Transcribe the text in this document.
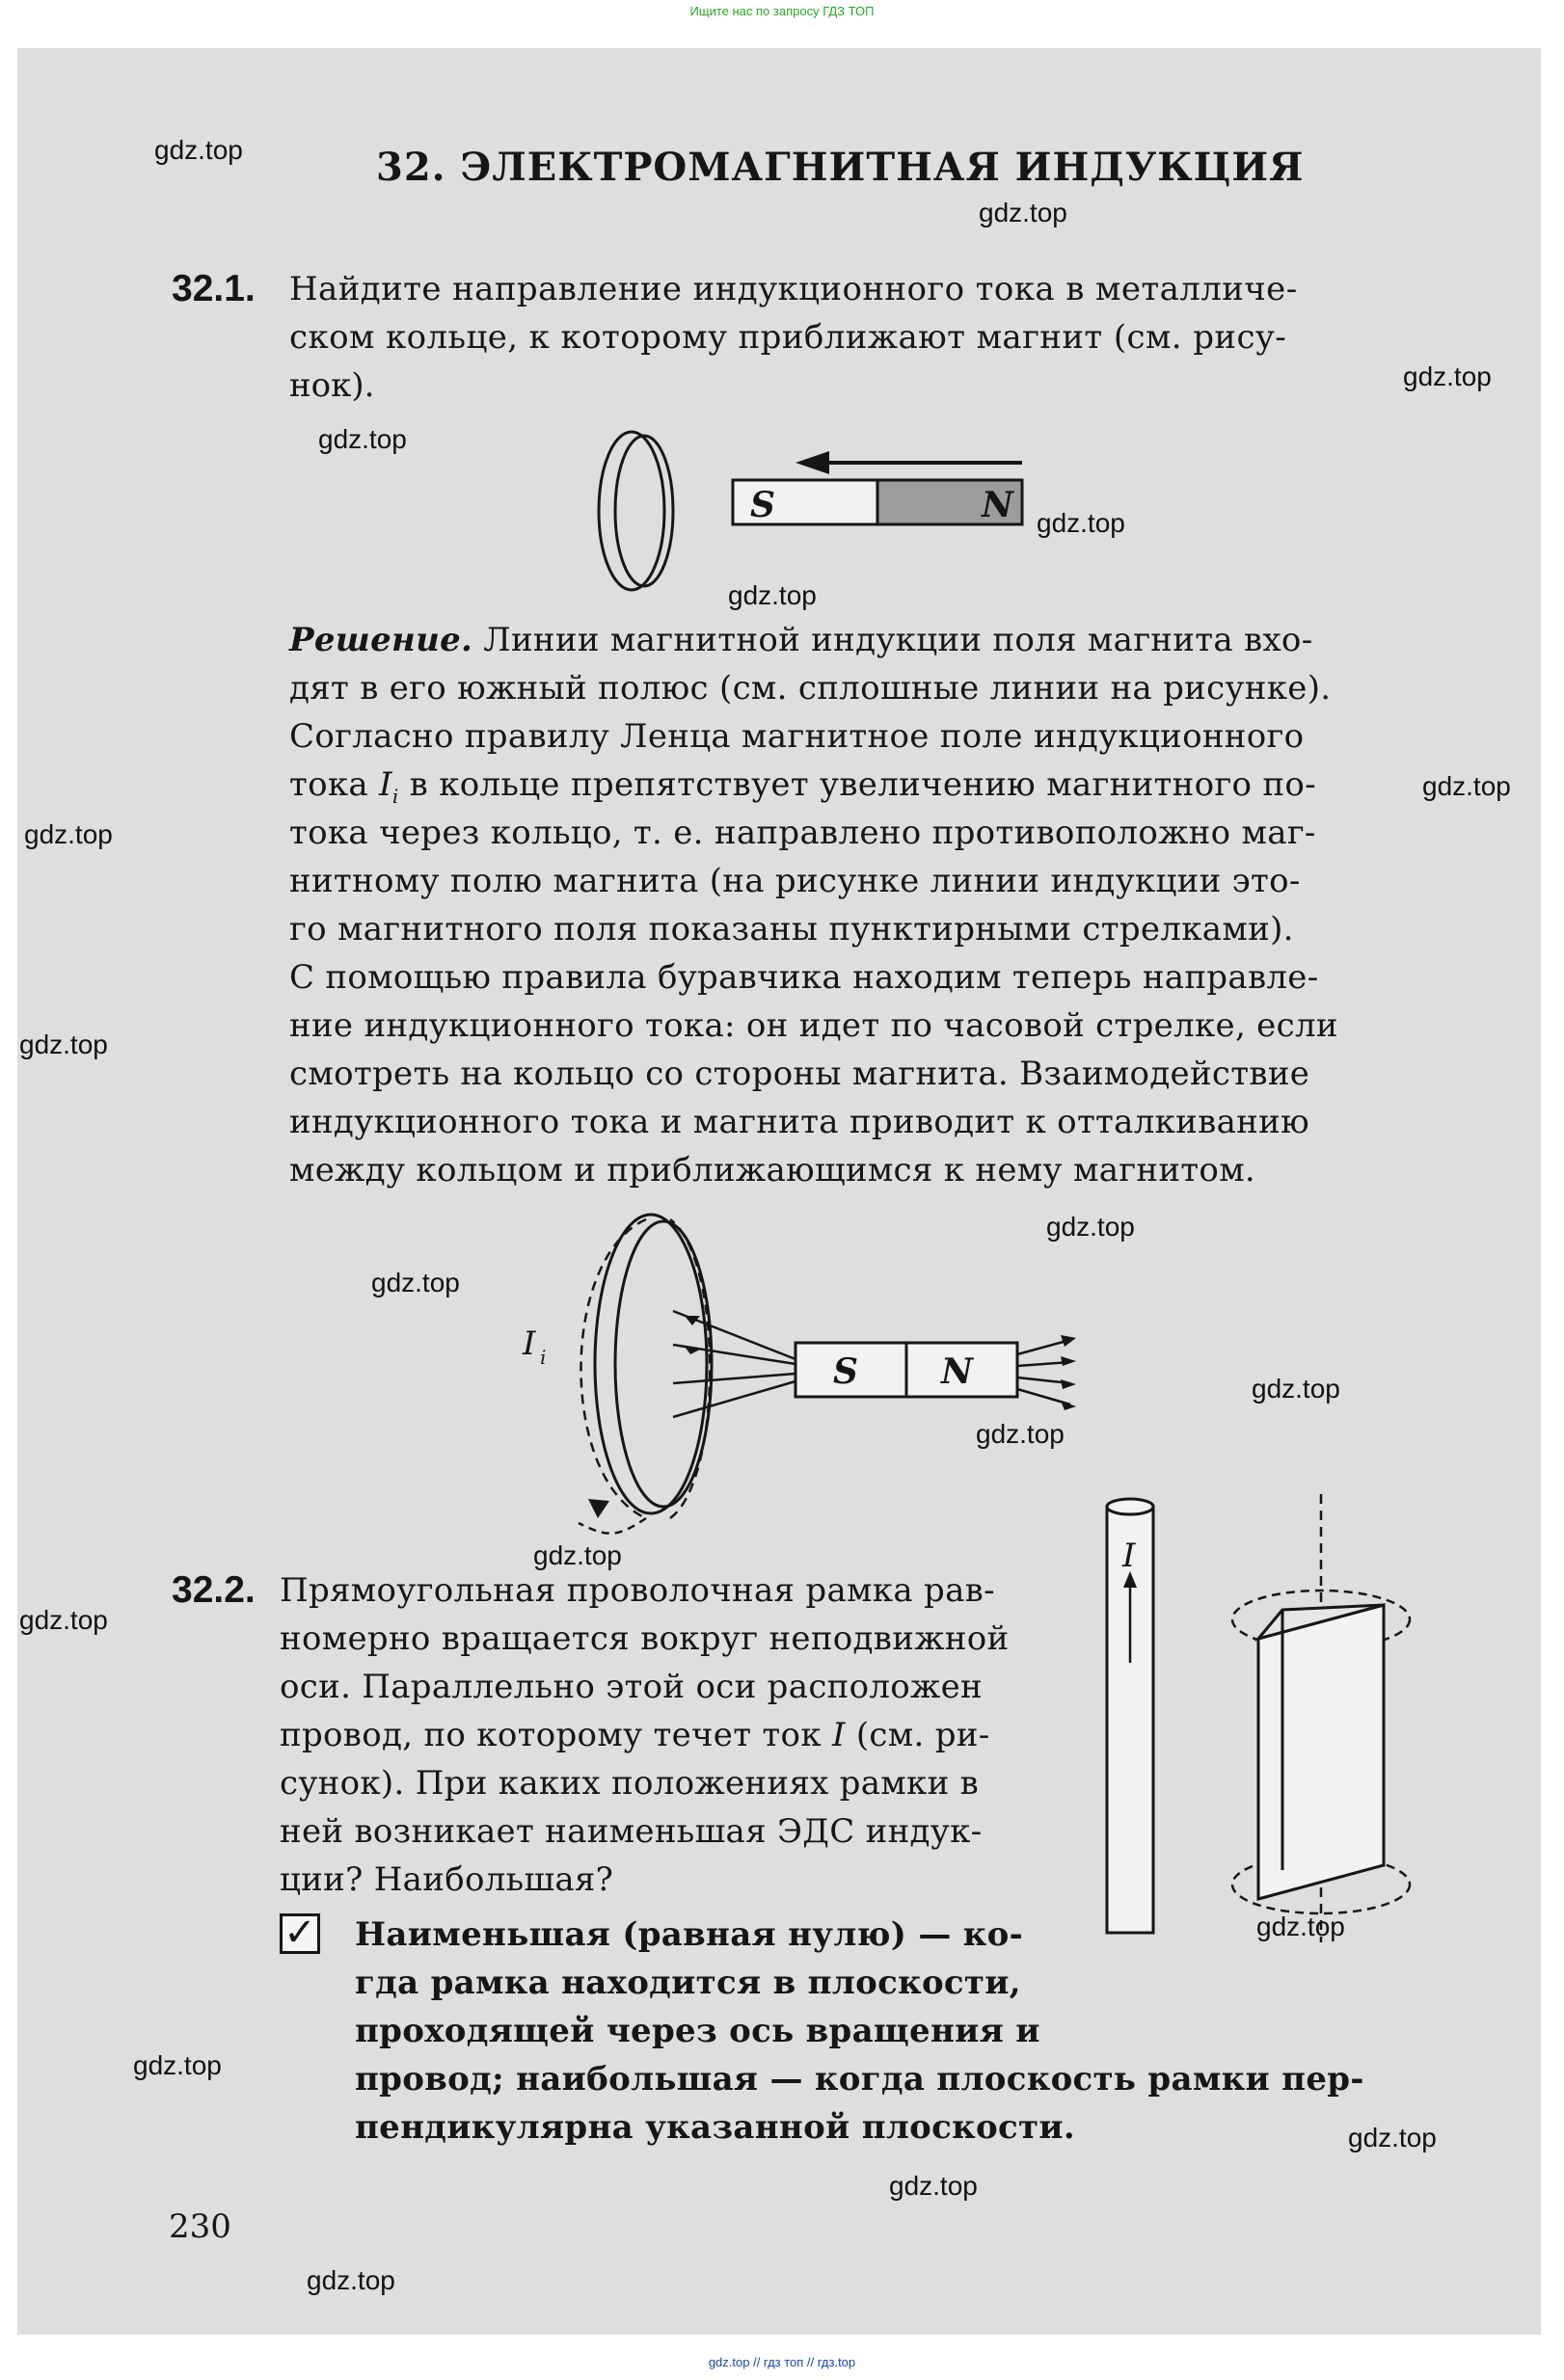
Ищите нас по запросу ГДЗ ТОП
32. ЭЛЕКТРОМАГНИТНАЯ ИНДУКЦИЯ
32.1. Найдите направление индукционного тока в металличе-
ском кольце, к которому приближают магнит (см. рису-
нок).
S	N
Решение. Линии магнитной индукции поля магнита вхо-
дят в его южный полюс (см. сплошные линии на рисунке).
Согласно правилу Ленца магнитное поле индукционного
тока $I_i$ в кольце препятствует увеличению магнитного по-
тока через кольцо, т. е. направлено противоположно маг-
нитному полю магнита (на рисунке линии индукции это-
го магнитного поля показаны пунктирными стрелками).
С помощью правила буравчика находим теперь направле-
ние индукционного тока: он идет по часовой стрелке, если
смотреть на кольцо со стороны магнита. Взаимодействие
индукционного тока и магнита приводит к отталкиванию
между кольцом и приближающимся к нему магнитом.
S N
I i
32.2. Прямоугольная проволочная рамка рав-
номерно вращается вокруг неподвижной
оси. Параллельно этой оси расположен
провод, по которому течет ток I (см. ри-
сунок). При каких положениях рамки в
ней возникает наименьшая ЭДС индук-
ции? Наибольшая?
I
✓ Наименьшая (равная нулю) — ко-
гда рамка находится в плоскости,
проходящей через ось вращения и
провод; наибольшая — когда плоскость рамки пер-
пендикулярна указанной плоскости.
230
gdz.top
gdz.top
gdz.top
gdz.top
gdz.top
gdz.top
gdz.top
gdz.top
gdz.top
gdz.top
gdz.top
gdz.top
gdz.top
gdz.top
gdz.top
gdz.top
gdz.top
gdz.top
gdz.top
gdz.top
gdz.top // гдз топ // гдз.top
